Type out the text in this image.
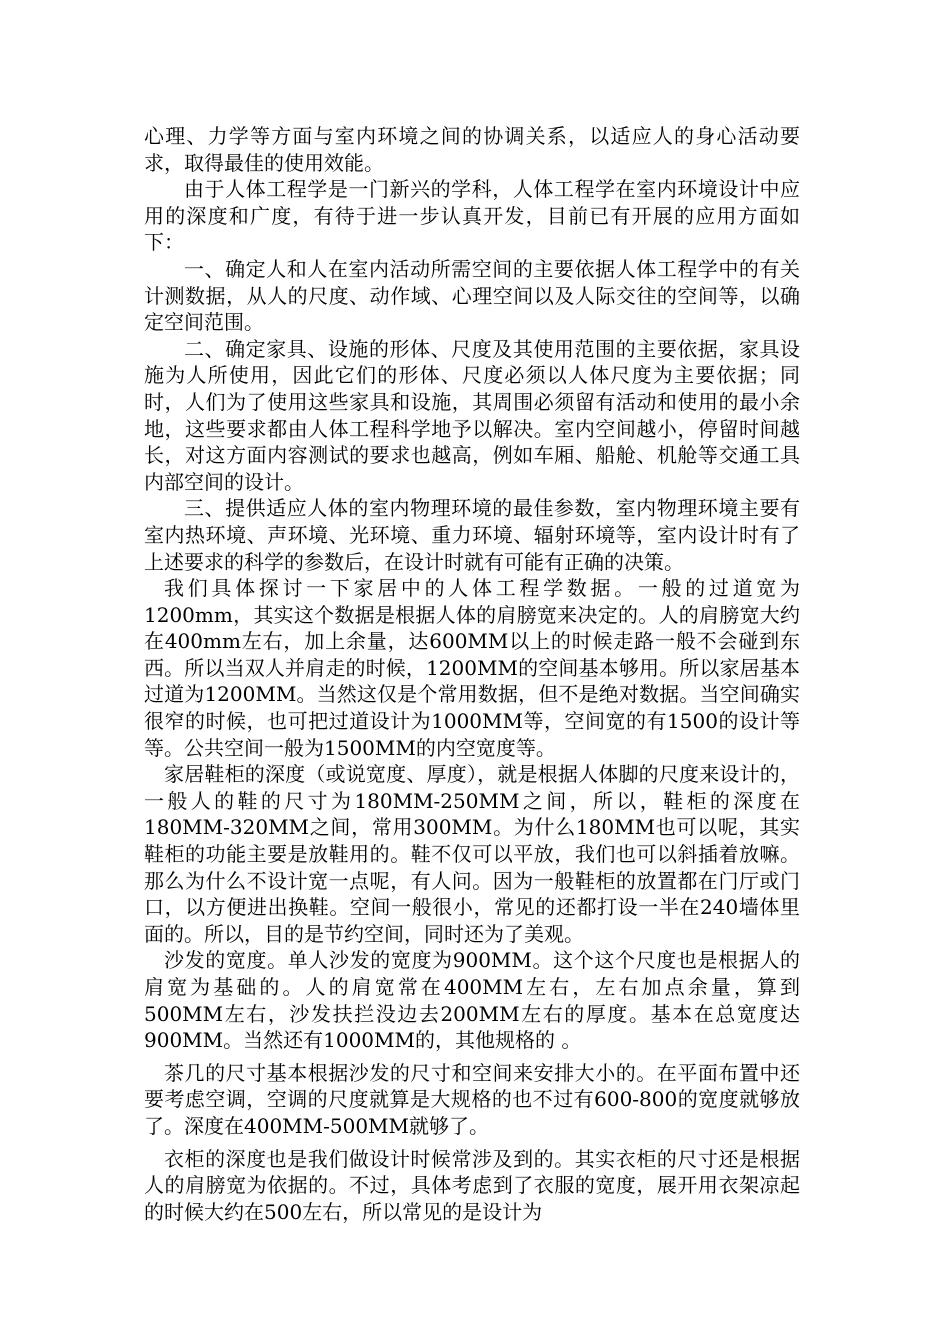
心理、力学等方面与室内环境之间的协调关系，以适应人的身心活动要求，取得最佳的使用效能。

由于人体工程学是一门新兴的学科，人体工程学在室内环境设计中应用的深度和广度，有待于进一步认真开发，目前已有开展的应用方面如下：

一、确定人和人在室内活动所需空间的主要依据人体工程学中的有关计测数据，从人的尺度、动作域、心理空间以及人际交往的空间等，以确定空间范围。

二、确定家具、设施的形体、尺度及其使用范围的主要依据，家具设施为人所使用，因此它们的形体、尺度必须以人体尺度为主要依据；同时，人们为了使用这些家具和设施，其周围必须留有活动和使用的最小余地，这些要求都由人体工程科学地予以解决。室内空间越小，停留时间越长，对这方面内容测试的要求也越高，例如车厢、船舱、机舱等交通工具内部空间的设计。

三、提供适应人体的室内物理环境的最佳参数，室内物理环境主要有室内热环境、声环境、光环境、重力环境、辐射环境等，室内设计时有了上述要求的科学的参数后，在设计时就有可能有正确的决策。

我们具体探讨一下家居中的人体工程学数据。一般的过道宽为1200mm，其实这个数据是根据人体的肩膀宽来决定的。人的肩膀宽大约在400mm左右，加上余量，达600MM以上的时候走路一般不会碰到东西。所以当双人并肩走的时候，1200MM的空间基本够用。所以家居基本过道为1200MM。当然这仅是个常用数据，但不是绝对数据。当空间确实很窄的时候，也可把过道设计为1000MM等，空间宽的有1500的设计等等。公共空间一般为1500MM的内空宽度等。

家居鞋柜的深度（或说宽度、厚度），就是根据人体脚的尺度来设计的，一般人的鞋的尺寸为180MM-250MM之间，所以，鞋柜的深度在180MM-320MM之间，常用300MM。为什么180MM也可以呢，其实鞋柜的功能主要是放鞋用的。鞋不仅可以平放，我们也可以斜插着放嘛。那么为什么不设计宽一点呢，有人问。因为一般鞋柜的放置都在门厅或门口，以方便进出换鞋。空间一般很小，常见的还都打设一半在240墙体里面的。所以，目的是节约空间，同时还为了美观。

沙发的宽度。单人沙发的宽度为900MM。这个这个尺度也是根据人的肩宽为基础的。人的肩宽常在400MM左右，左右加点余量，算到500MM左右，沙发扶拦没边去200MM左右的厚度。基本在总宽度达900MM。当然还有1000MM的，其他规格的 。

茶几的尺寸基本根据沙发的尺寸和空间来安排大小的。在平面布置中还要考虑空调，空调的尺度就算是大规格的也不过有600-800的宽度就够放了。深度在400MM-500MM就够了。

衣柜的深度也是我们做设计时候常涉及到的。其实衣柜的尺寸还是根据人的肩膀宽为依据的。不过，具体考虑到了衣服的宽度，展开用衣架凉起的时候大约在500左右，所以常见的是设计为
